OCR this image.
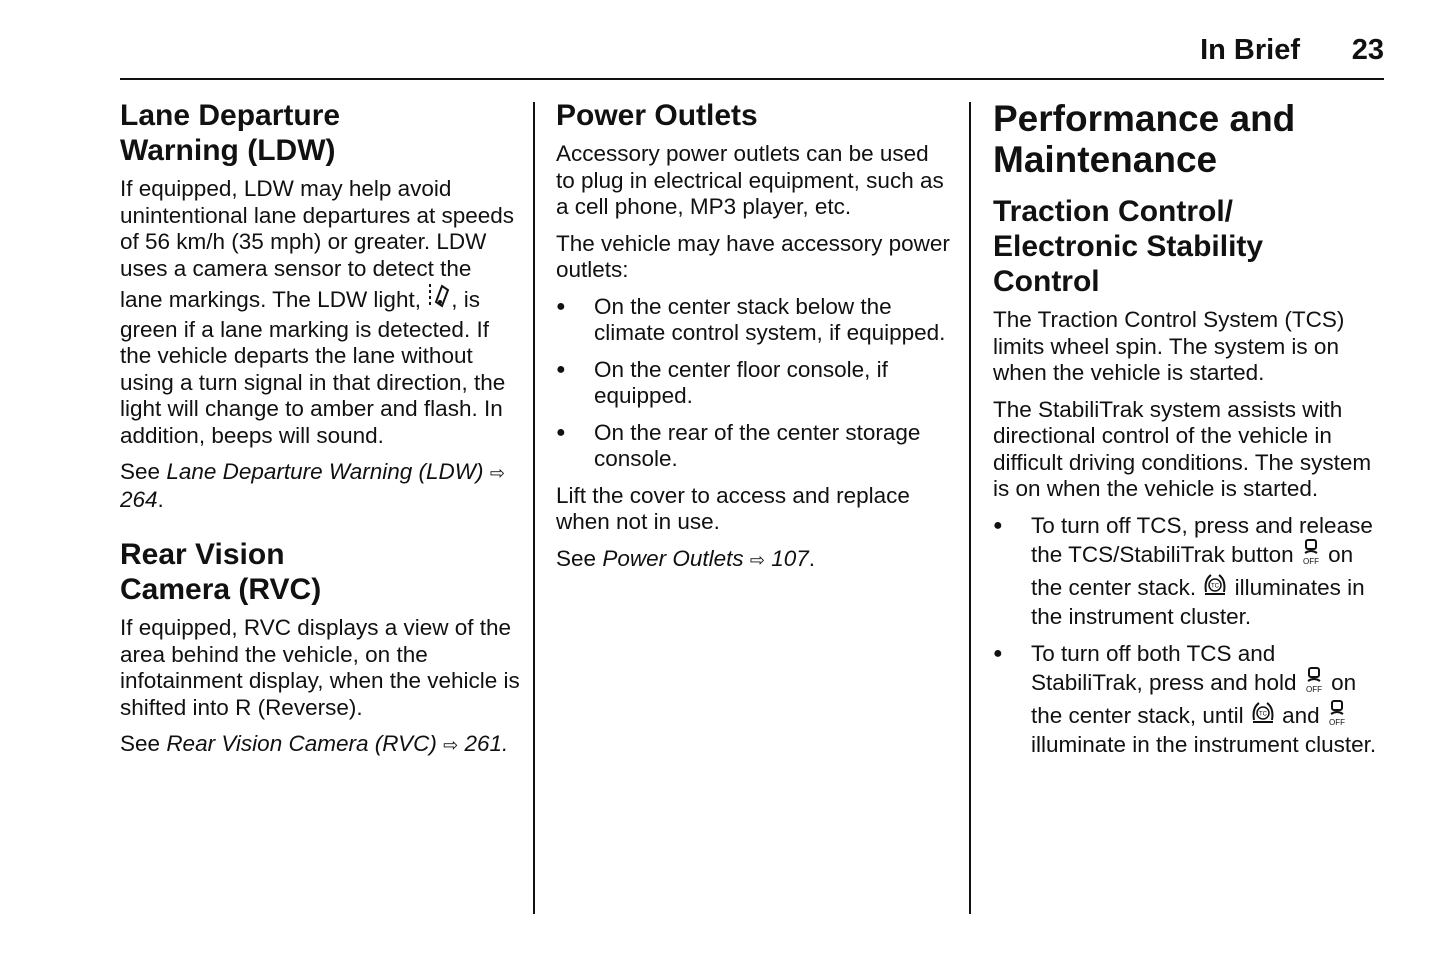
In Brief 23
Lane Departure
Warning (LDW)

If equipped, LDW may help avoid unintentional lane departures at speeds of 56 km/h (35 mph) or greater. LDW uses a camera sensor to detect the lane markings. The LDW light, , is green if a lane marking is detected. If the vehicle departs the lane without using a turn signal in that direction, the light will change to amber and flash. In addition, beeps will sound.

See Lane Departure Warning (LDW) ⇨ 264.

Rear Vision
Camera (RVC)

If equipped, RVC displays a view of the area behind the vehicle, on the infotainment display, when the vehicle is shifted into R (Reverse).

See Rear Vision Camera (RVC) ⇨ 261.

Power Outlets

Accessory power outlets can be used to plug in electrical equipment, such as a cell phone, MP3 player, etc.

The vehicle may have accessory power outlets:

● On the center stack below the climate control system, if equipped.
● On the center floor console, if equipped.
● On the rear of the center storage console.

Lift the cover to access and replace when not in use.

See Power Outlets ⇨ 107.

Performance and
Maintenance
Traction Control/
Electronic Stability
Control

The Traction Control System (TCS) limits wheel spin. The system is on when the vehicle is started.

The StabiliTrak system assists with directional control of the vehicle in difficult driving conditions. The system is on when the vehicle is started.

● To turn off TCS, press and release the TCS/StabiliTrak button OFF on the center stack.	TC illuminates in the instrument cluster.
● To turn off both TCS and StabiliTrak, press and hold OFF on the center stack, until	TC and OFF
illuminate in the instrument cluster.
